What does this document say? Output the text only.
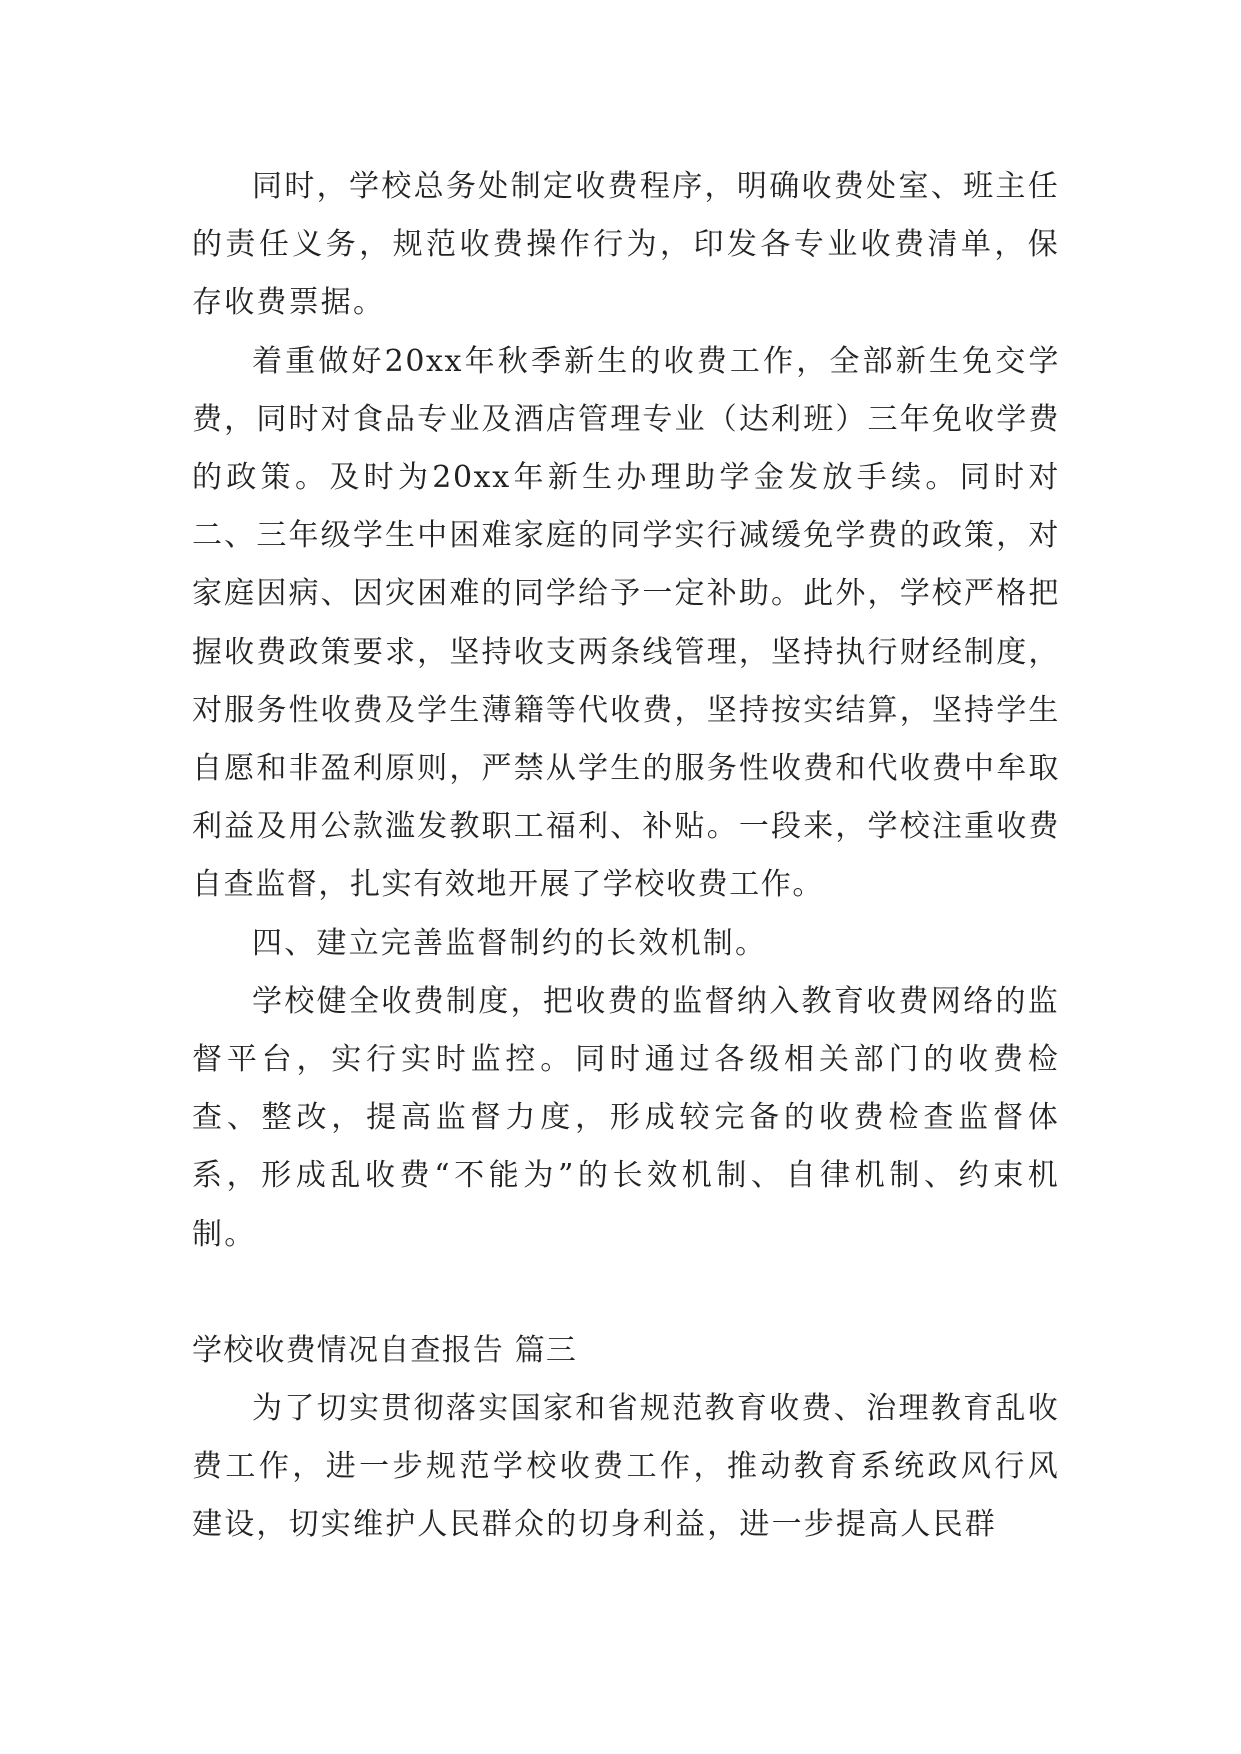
同时，学校总务处制定收费程序，明确收费处室、班主任的责任义务，规范收费操作行为，印发各专业收费清单，保存收费票据。

着重做好20xx年秋季新生的收费工作，全部新生免交学费，同时对食品专业及酒店管理专业（达利班）三年免收学费的政策。及时为20xx年新生办理助学金发放手续。同时对二、三年级学生中困难家庭的同学实行减缓免学费的政策，对家庭因病、因灾困难的同学给予一定补助。此外，学校严格把握收费政策要求，坚持收支两条线管理，坚持执行财经制度，对服务性收费及学生薄籍等代收费，坚持按实结算，坚持学生自愿和非盈利原则，严禁从学生的服务性收费和代收费中牟取利益及用公款滥发教职工福利、补贴。一段来，学校注重收费自查监督，扎实有效地开展了学校收费工作。

四、建立完善监督制约的长效机制。

学校健全收费制度，把收费的监督纳入教育收费网络的监督平台，实行实时监控。同时通过各级相关部门的收费检查、整改，提高监督力度，形成较完备的收费检查监督体系，形成乱收费“不能为”的长效机制、自律机制、约束机制。

学校收费情况自查报告 篇三

为了切实贯彻落实国家和省规范教育收费、治理教育乱收费工作，进一步规范学校收费工作，推动教育系统政风行风建设，切实维护人民群众的切身利益，进一步提高人民群
